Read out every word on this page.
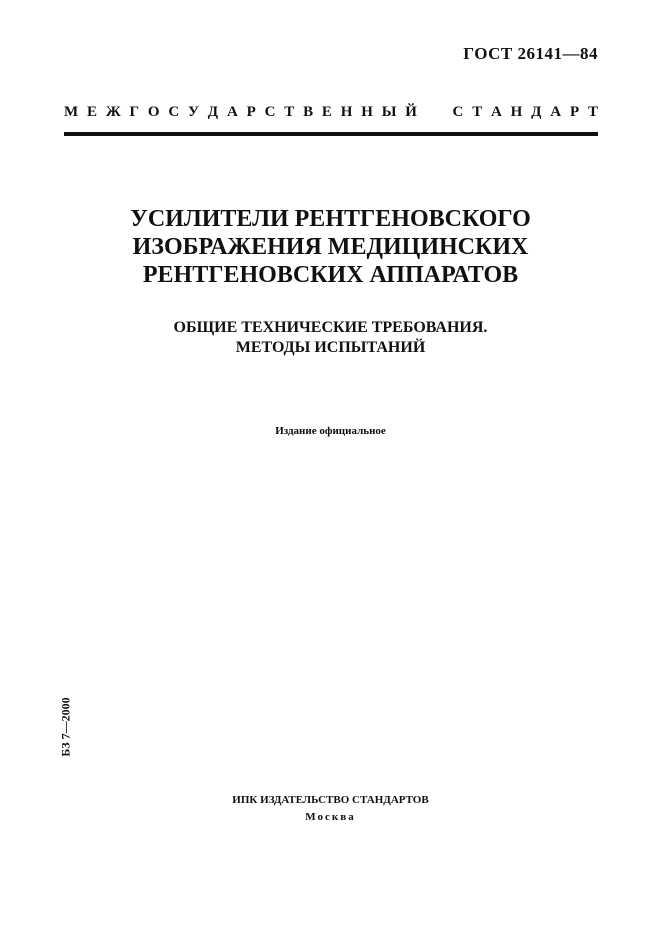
ГОСТ 26141—84
М Е Ж Г О С У Д А Р С Т В Е Н Н Ы Й С Т А Н Д А Р Т
УСИЛИТЕЛИ РЕНТГЕНОВСКОГО
ИЗОБРАЖЕНИЯ МЕДИЦИНСКИХ
РЕНТГЕНОВСКИХ АППАРАТОВ
ОБЩИЕ ТЕХНИЧЕСКИЕ ТРЕБОВАНИЯ.
МЕТОДЫ ИСПЫТАНИЙ
Издание официальное
БЗ 7—2000
ИПК ИЗДАТЕЛЬСТВО СТАНДАРТОВ
Москва
